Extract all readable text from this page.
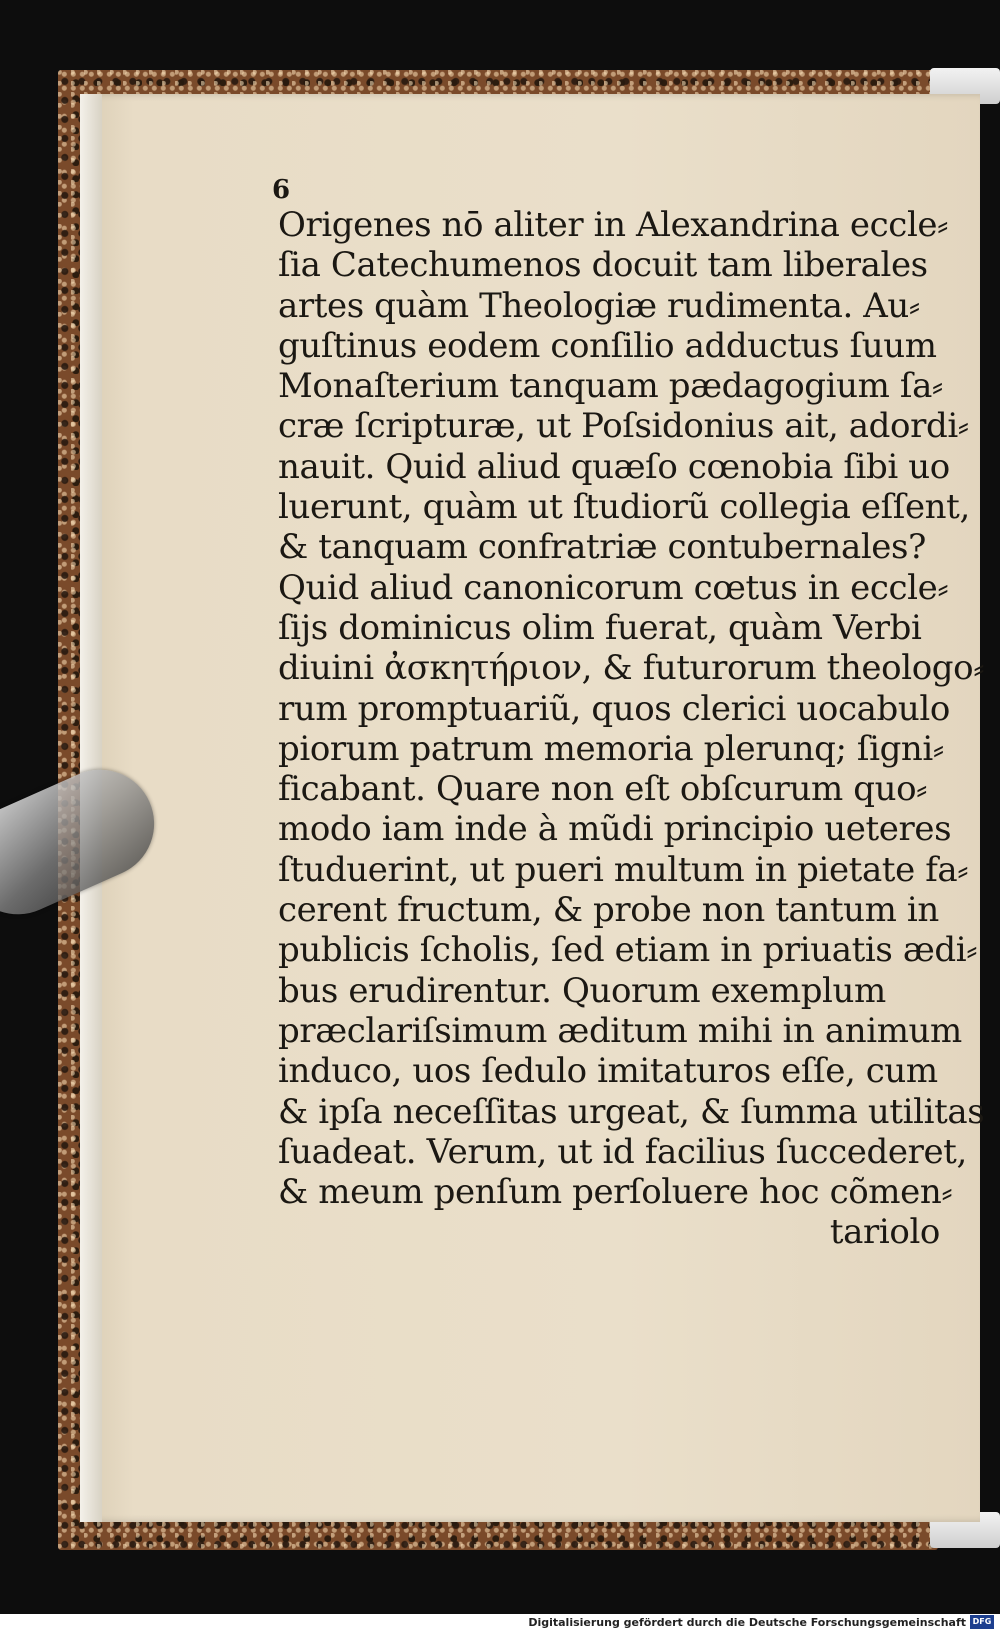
6
Origenes nō aliter in Alexandrina eccle⸗
ſia Catechumenos docuit tam liberales
artes quàm Theologiæ rudimenta. Au⸗
guſtinus eodem conſilio adductus ſuum
Monaſterium tanquam pædagogium ſa⸗
cræ ſcripturæ, ut Poſsidonius ait, adordi⸗
nauit. Quid aliud quæſo cœnobia ſibi uo
luerunt, quàm ut ſtudiorũ collegia eſſent,
& tanquam confratriæ contubernales?
Quid aliud canonicorum cœtus in eccle⸗
ſijs dominicus olim fuerat, quàm Verbi
diuini ἀσκητήριον, & futurorum theologo⸗
rum promptuariũ, quos clerici uocabulo
piorum patrum memoria plerunq; ſigni⸗
ficabant. Quare non eſt obſcurum quo⸗
modo iam inde à mũdi principio ueteres
ſtuduerint, ut pueri multum in pietate fa⸗
cerent fructum, & probe non tantum in
publicis ſcholis, ſed etiam in priuatis ædi⸗
bus erudirentur. Quorum exemplum
præclariſsimum æditum mihi in animum
induco, uos ſedulo imitaturos eſſe, cum
& ipſa neceſſitas urgeat, & ſumma utilitas
ſuadeat. Verum, ut id facilius ſuccederet,
& meum penſum perſoluere hoc cõmen⸗
tariolo
Digitalisierung gefördert durch die Deutsche Forschungsgemeinschaft DFG
